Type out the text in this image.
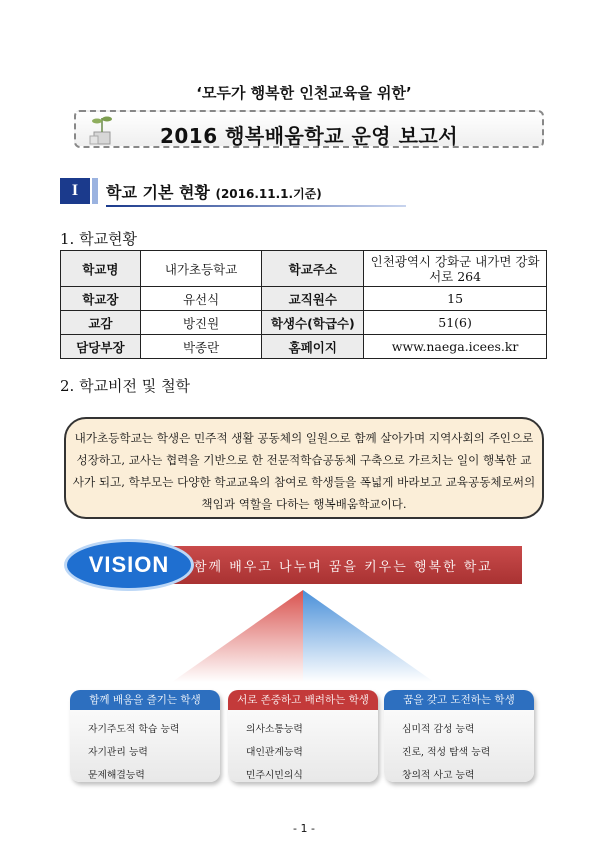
‘모두가 행복한 인천교육을 위한’
2016 행복배움학교 운영 보고서
I	학교 기본 현황 (2016.11.1.기준)
1. 학교현황
학교명	내가초등학교	학교주소	인천광역시 강화군 내가면 강화서로 264
학교장	유선식	교직원수	15
교감	방진원	학생수(학급수)	51(6)
담당부장	박종란	홈페이지	www.naega.icees.kr
2. 학교비전 및 철학
내가초등학교는 학생은 민주적 생활 공동체의 일원으로 함께 살아가며 지역사회의 주인으로 성장하고, 교사는 협력을 기반으로 한 전문적학습공동체 구축으로 가르치는 일이 행복한 교사가 되고, 학부모는 다양한 학교교육의 참여로 학생들을 폭넓게 바라보고 교육공동체로써의 책임과 역할을 다하는 행복배움학교이다.
함께 배우고 나누며 꿈을 키우는 행복한 학교
VISION
함께 배움을 즐기는 학생
자기주도적 학습 능력
자기관리 능력
문제해결능력
서로 존중하고 배려하는 학생
의사소통능력
대인관계능력
민주시민의식
꿈을 갖고 도전하는 학생
심미적 감성 능력
진로, 적성 탐색 능력
창의적 사고 능력
- 1 -
